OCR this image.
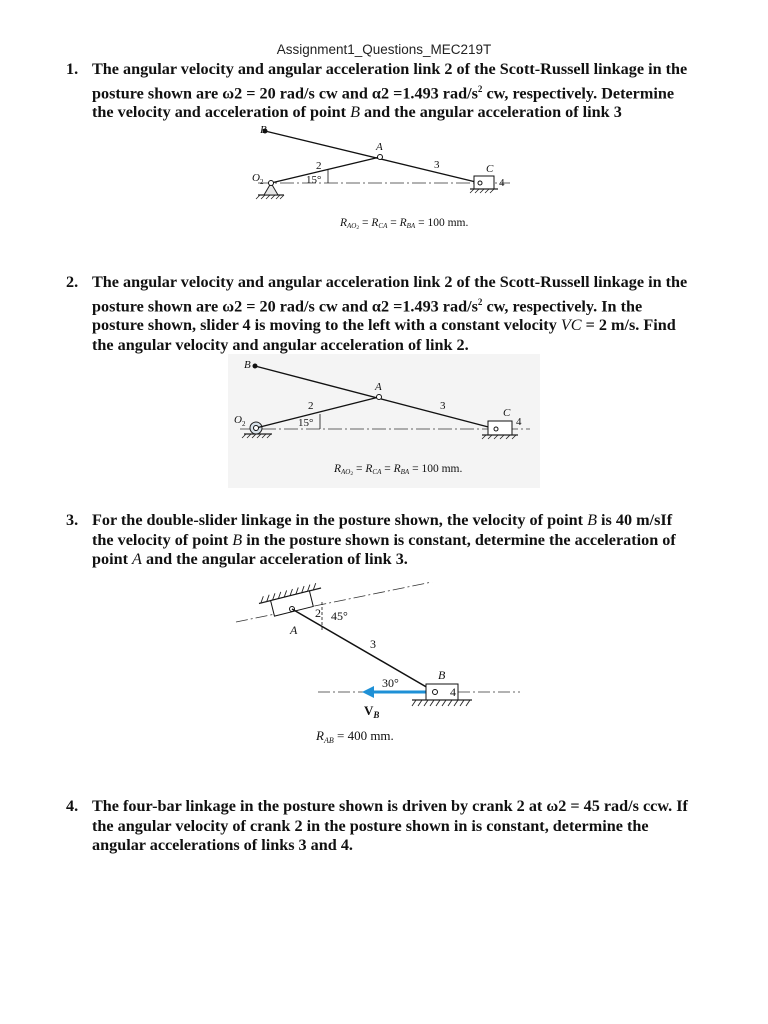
Assignment1_Questions_MEC219T
1. The angular velocity and angular acceleration link 2 of the Scott-Russell linkage in the
posture shown are ω2 = 20 rad/s cw and α2 =1.493 rad/$s^2$ cw, respectively. Determine
the velocity and acceleration of point B and the angular acceleration of link 3
B
A
C
4
2	3
15°
O 2
RAO2 = RCA = RBA = 100 mm.
2. The angular velocity and angular acceleration link 2 of the Scott-Russell linkage in the
posture shown are ω2 = 20 rad/s cw and α2 =1.493 rad/$s^2$ cw, respectively. In the
posture shown, slider 4 is moving to the left with a constant velocity VC = 2 m/s. Find
the angular velocity and angular acceleration of link 2.
B
A
C
4
2	3
15°
O 2
RAO2 = RCA = RBA = 100 mm.
3. For the double-slider linkage in the posture shown, the velocity of point B is 40 m/sIf
the velocity of point B in the posture shown is constant, determine the acceleration of
point A and the angular acceleration of link 3.
A
B
2
3
4
45°
30°
$V_B$
$R_{AB} = 400$ mm.
4. The four-bar linkage in the posture shown is driven by crank 2 at ω2 = 45 rad/s ccw. If
the angular velocity of crank 2 in the posture shown in is constant, determine the
angular accelerations of links 3 and 4.
